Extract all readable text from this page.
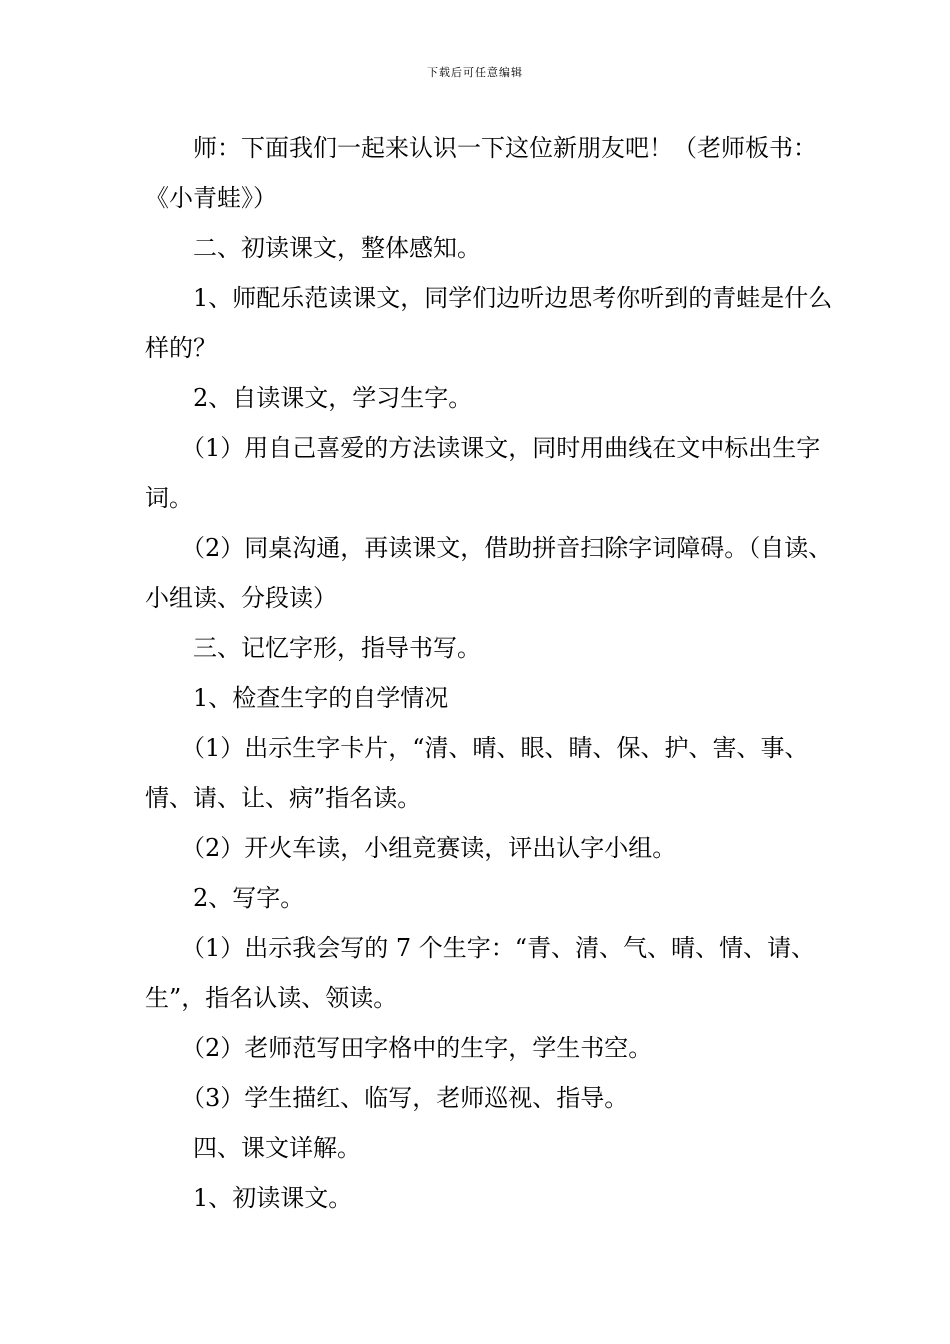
下载后可任意编辑

师：下面我们一起来认识一下这位新朋友吧！（老师板书：《小青蛙》）

二、初读课文，整体感知。

1、师配乐范读课文，同学们边听边思考你听到的青蛙是什么样的？

2、自读课文，学习生字。

（1）用自己喜爱的方法读课文，同时用曲线在文中标出生字词。

（2）同桌沟通，再读课文，借助拼音扫除字词障碍。（自读、小组读、分段读）

三、记忆字形，指导书写。

1、检查生字的自学情况

（1）出示生字卡片，“清、晴、眼、睛、保、护、害、事、情、请、让、病”指名读。

（2）开火车读，小组竞赛读，评出认字小组。

2、写字。

（1）出示我会写的 7 个生字：“青、清、气、晴、情、请、生”，指名认读、领读。

（2）老师范写田字格中的生字，学生书空。

（3）学生描红、临写，老师巡视、指导。

四、课文详解。

1、初读课文。
